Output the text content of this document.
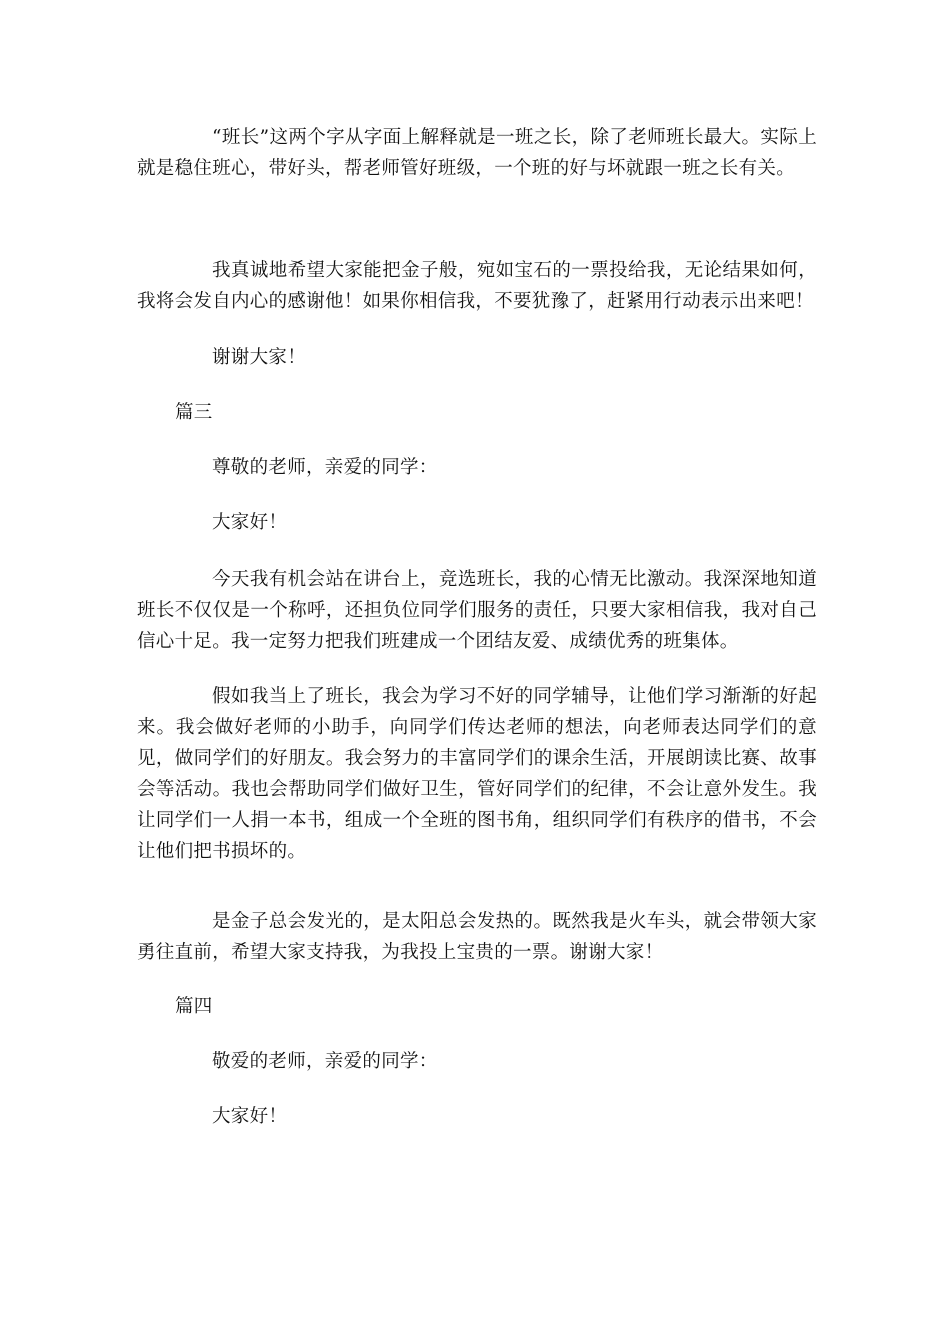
“班长”这两个字从字面上解释就是一班之长，除了老师班长最大。实际上就是稳住班心，带好头，帮老师管好班级，一个班的好与坏就跟一班之长有关。

我真诚地希望大家能把金子般，宛如宝石的一票投给我，无论结果如何，我将会发自内心的感谢他！如果你相信我，不要犹豫了，赶紧用行动表示出来吧！

谢谢大家！

篇三

尊敬的老师，亲爱的同学：

大家好！

今天我有机会站在讲台上，竞选班长，我的心情无比激动。我深深地知道班长不仅仅是一个称呼，还担负位同学们服务的责任，只要大家相信我，我对自己信心十足。我一定努力把我们班建成一个团结友爱、成绩优秀的班集体。

假如我当上了班长，我会为学习不好的同学辅导，让他们学习渐渐的好起来。我会做好老师的小助手，向同学们传达老师的想法，向老师表达同学们的意见，做同学们的好朋友。我会努力的丰富同学们的课余生活，开展朗读比赛、故事会等活动。我也会帮助同学们做好卫生，管好同学们的纪律，不会让意外发生。我让同学们一人捐一本书，组成一个全班的图书角，组织同学们有秩序的借书，不会让他们把书损坏的。

是金子总会发光的，是太阳总会发热的。既然我是火车头，就会带领大家勇往直前，希望大家支持我，为我投上宝贵的一票。谢谢大家！

篇四

敬爱的老师，亲爱的同学：

大家好！
